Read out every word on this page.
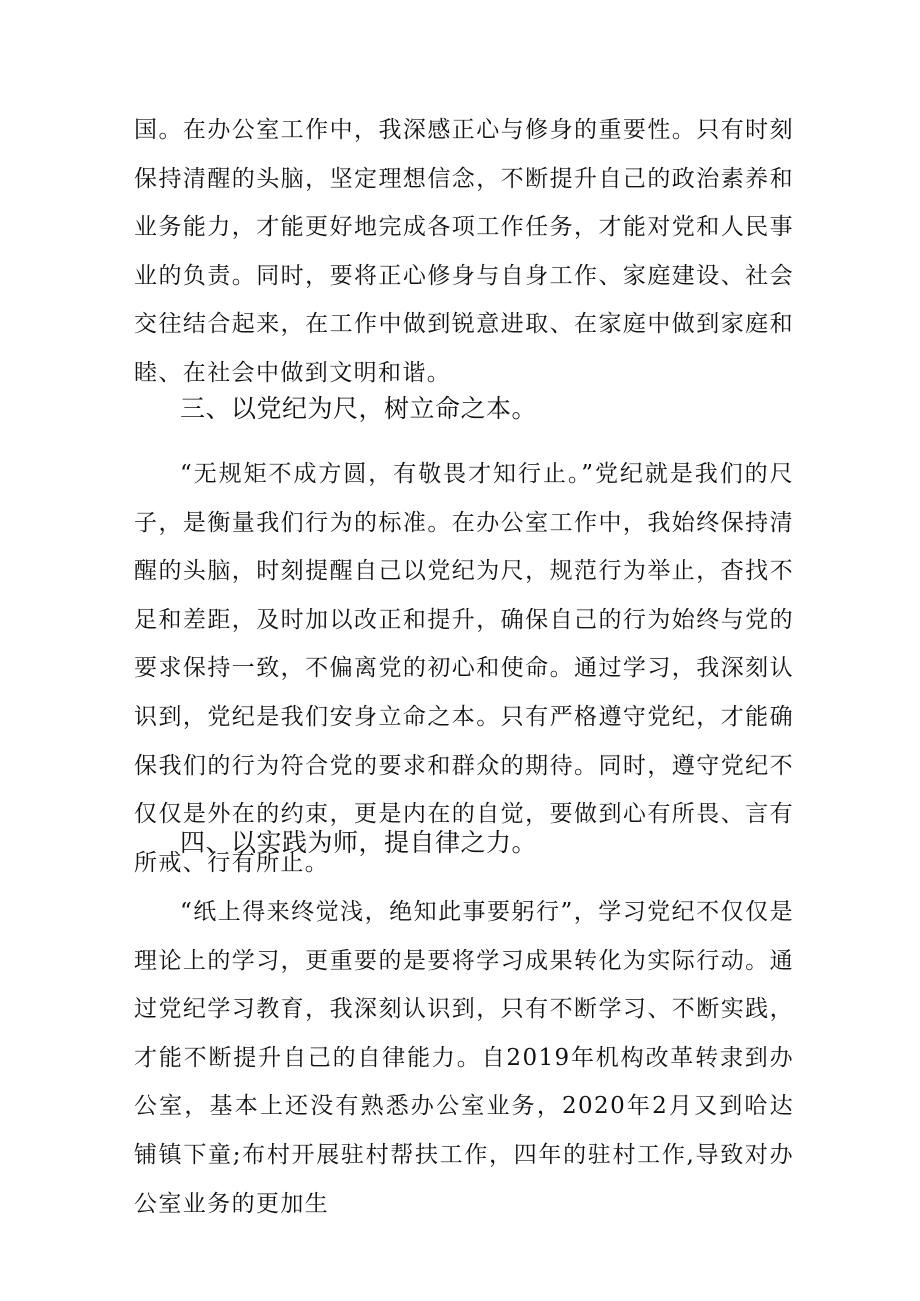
国。在办公室工作中，我深感正心与修身的重要性。只有时刻保持清醒的头脑，坚定理想信念，不断提升自己的政治素养和业务能力，才能更好地完成各项工作任务，才能对党和人民事业的负责。同时，要将正心修身与自身工作、家庭建设、社会交往结合起来，在工作中做到锐意进取、在家庭中做到家庭和睦、在社会中做到文明和谐。

三、以党纪为尺，树立命之本。

“无规矩不成方圆，有敬畏才知行止。”党纪就是我们的尺子，是衡量我们行为的标准。在办公室工作中，我始终保持清醒的头脑，时刻提醒自己以党纪为尺，规范行为举止，杳找不足和差距，及时加以改正和提升，确保自己的行为始终与党的要求保持一致，不偏离党的初心和使命。通过学习，我深刻认识到，党纪是我们安身立命之本。只有严格遵守党纪，才能确保我们的行为符合党的要求和群众的期待。同时，遵守党纪不仅仅是外在的约束，更是内在的自觉，要做到心有所畏、言有所戒、行有所止。

四、以实践为师，提自律之力。

“纸上得来终觉浅，绝知此事要躬行”，学习党纪不仅仅是理论上的学习，更重要的是要将学习成果转化为实际行动。通过党纪学习教育，我深刻认识到，只有不断学习、不断实践，才能不断提升自己的自律能力。自2019年机构改革转隶到办公室，基本上还没有熟悉办公室业务，2020年2月又到哈达铺镇下童;布村开展驻村帮扶工作，四年的驻村工作,导致对办公室业务的更加生
